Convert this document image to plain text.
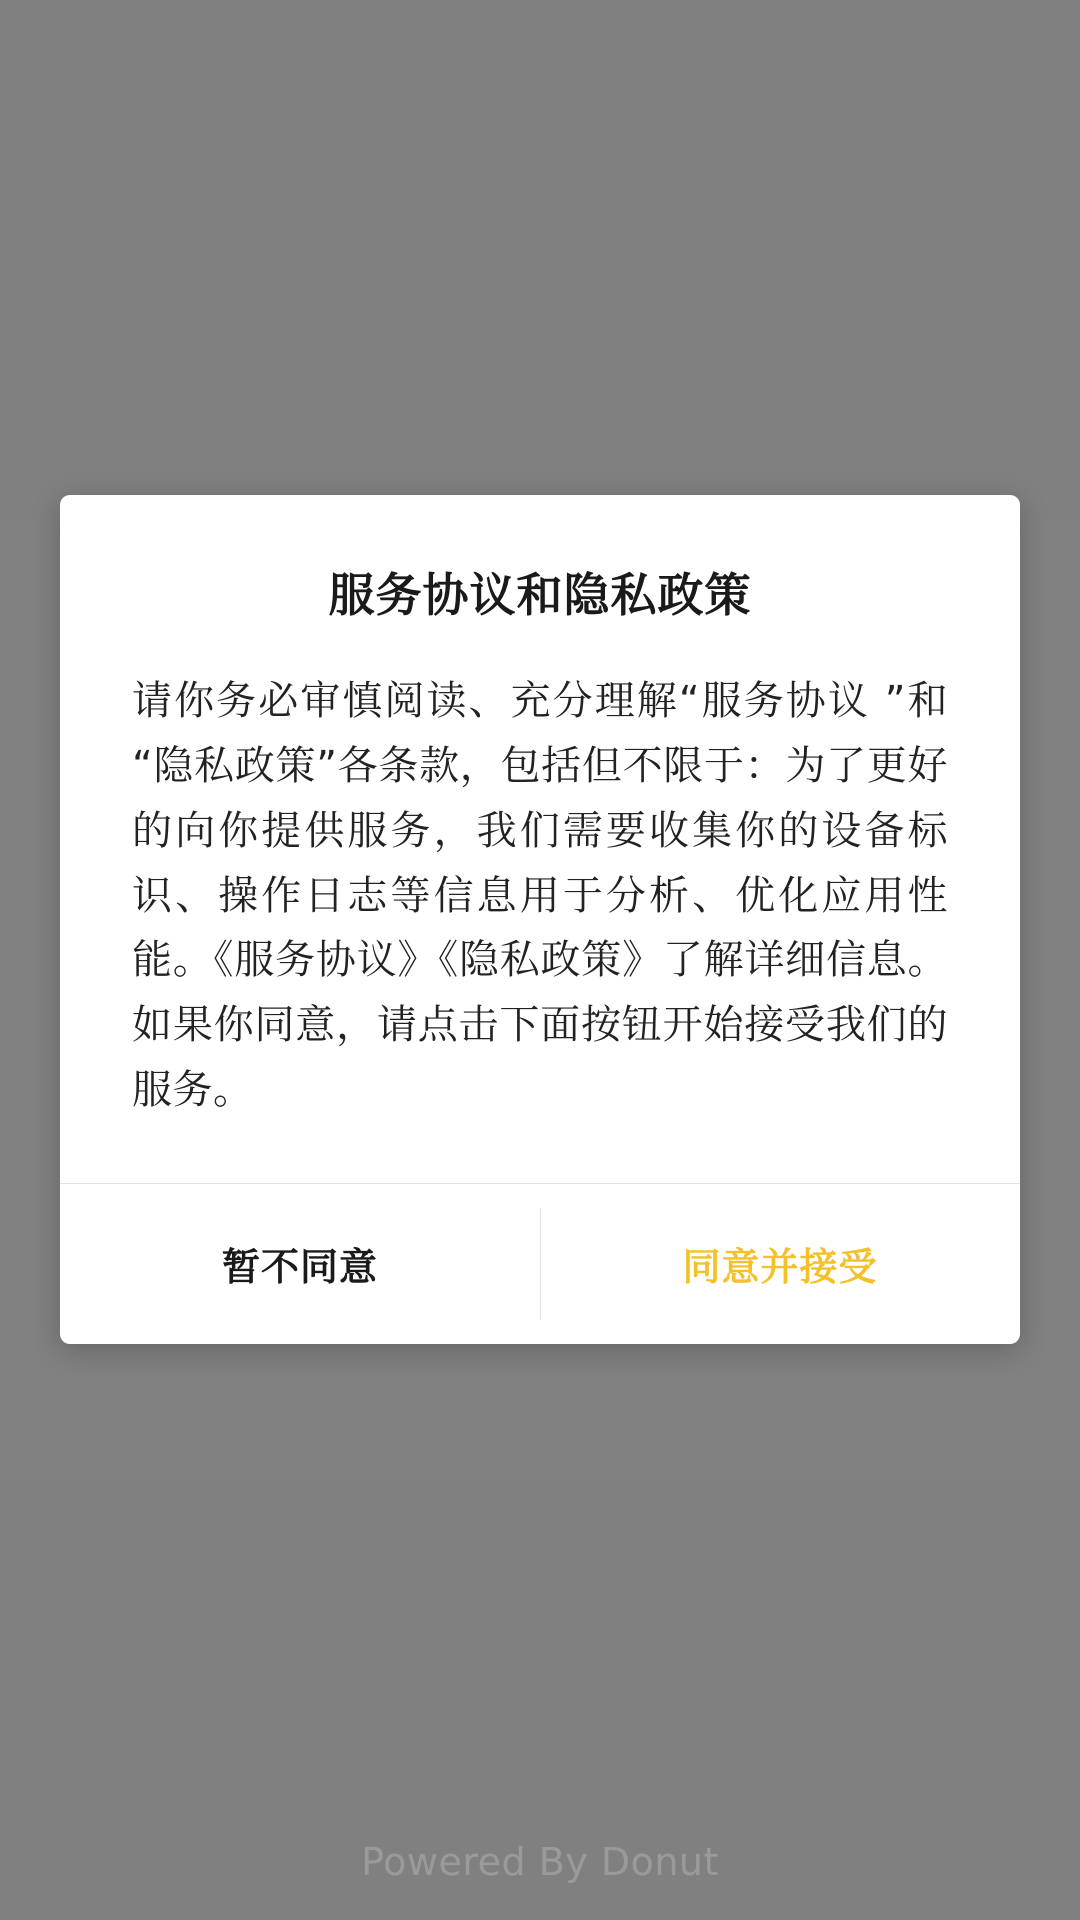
服务协议和隐私政策
请你务必审慎阅读、充分理解“服务协议 ”和“隐私政策”各条款，包括但不限于：为了更好的向你提供服务，我们需要收集你的设备标识、操作日志等信息用于分析、优化应用性能。《服务协议》《隐私政策》了解详细信息。如果你同意，请点击下面按钮开始接受我们的服务。
暂不同意	同意并接受
Powered By Donut
